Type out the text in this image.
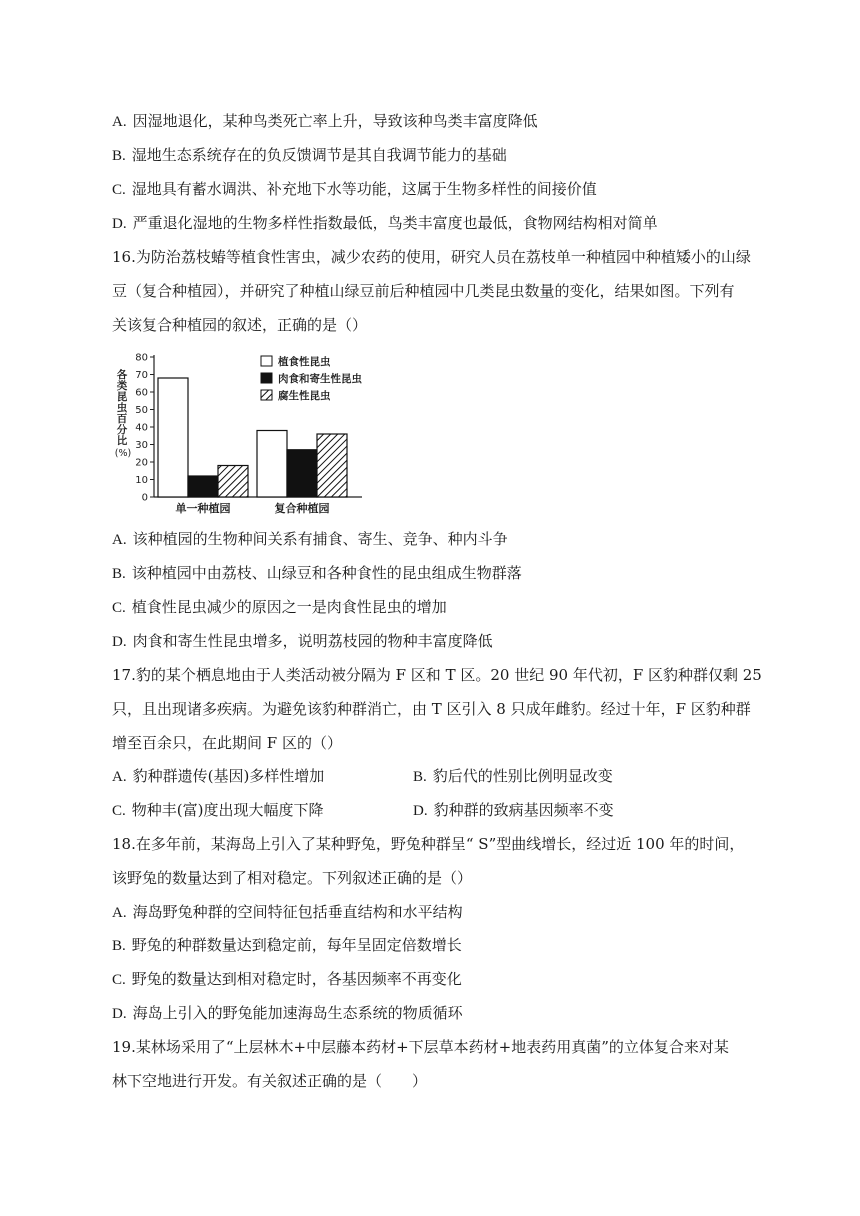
A. 因湿地退化，某种鸟类死亡率上升，导致该种鸟类丰富度降低
B. 湿地生态系统存在的负反馈调节是其自我调节能力的基础
C. 湿地具有蓄水调洪、补充地下水等功能，这属于生物多样性的间接价值
D. 严重退化湿地的生物多样性指数最低，鸟类丰富度也最低，食物网结构相对简单
16.为防治荔枝蝽等植食性害虫，减少农药的使用，研究人员在荔枝单一种植园中种植矮小的山绿
豆（复合种植园），并研究了种植山绿豆前后种植园中几类昆虫数量的变化，结果如图。下列有
关该复合种植园的叙述，正确的是（）
各
类
昆
虫
百
分
比
(%)
0
10
20
30
40
50
60
70
80
单一种植园	复合种植园
植食性昆虫
肉食和寄生性昆虫
腐生性昆虫
A. 该种植园的生物种间关系有捕食、寄生、竞争、种内斗争
B. 该种植园中由荔枝、山绿豆和各种食性的昆虫组成生物群落
C. 植食性昆虫减少的原因之一是肉食性昆虫的增加
D. 肉食和寄生性昆虫增多，说明荔枝园的物种丰富度降低
17.豹的某个栖息地由于人类活动被分隔为 F 区和 T 区。20 世纪 90 年代初，F 区豹种群仅剩 25
只，且出现诸多疾病。为避免该豹种群消亡，由 T 区引入 8 只成年雌豹。经过十年，F 区豹种群
增至百余只，在此期间 F 区的（）
A. 豹种群遗传(基因)多样性增加	B. 豹后代的性别比例明显改变
C. 物种丰(富)度出现大幅度下降	D. 豹种群的致病基因频率不变
18.在多年前，某海岛上引入了某种野兔，野兔种群呈“ S”型曲线增长，经过近 100 年的时间，
该野兔的数量达到了相对稳定。下列叙述正确的是（）
A. 海岛野兔种群的空间特征包括垂直结构和水平结构
B. 野兔的种群数量达到稳定前，每年呈固定倍数增长
C. 野兔的数量达到相对稳定时，各基因频率不再变化
D. 海岛上引入的野兔能加速海岛生态系统的物质循环
19.某林场采用了“上层林木+中层藤本药材+下层草本药材+地表药用真菌”的立体复合来对某
林下空地进行开发。有关叙述正确的是（　　）
